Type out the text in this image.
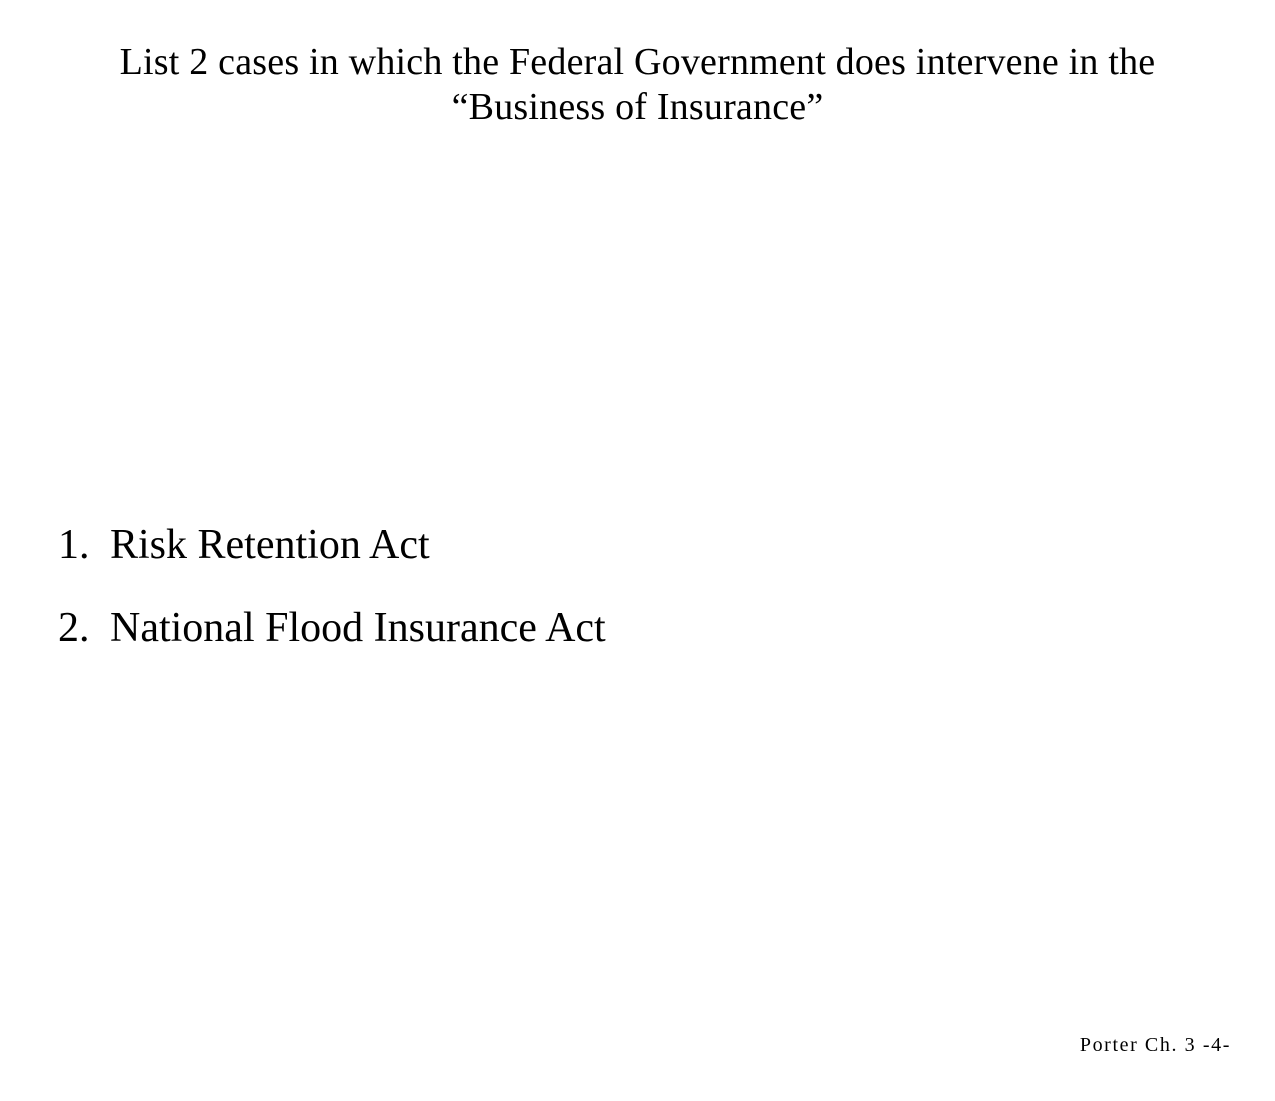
List 2 cases in which the Federal Government does intervene in the
“Business of Insurance”
1. Risk Retention Act
2. National Flood Insurance Act
Porter Ch. 3 -4-
